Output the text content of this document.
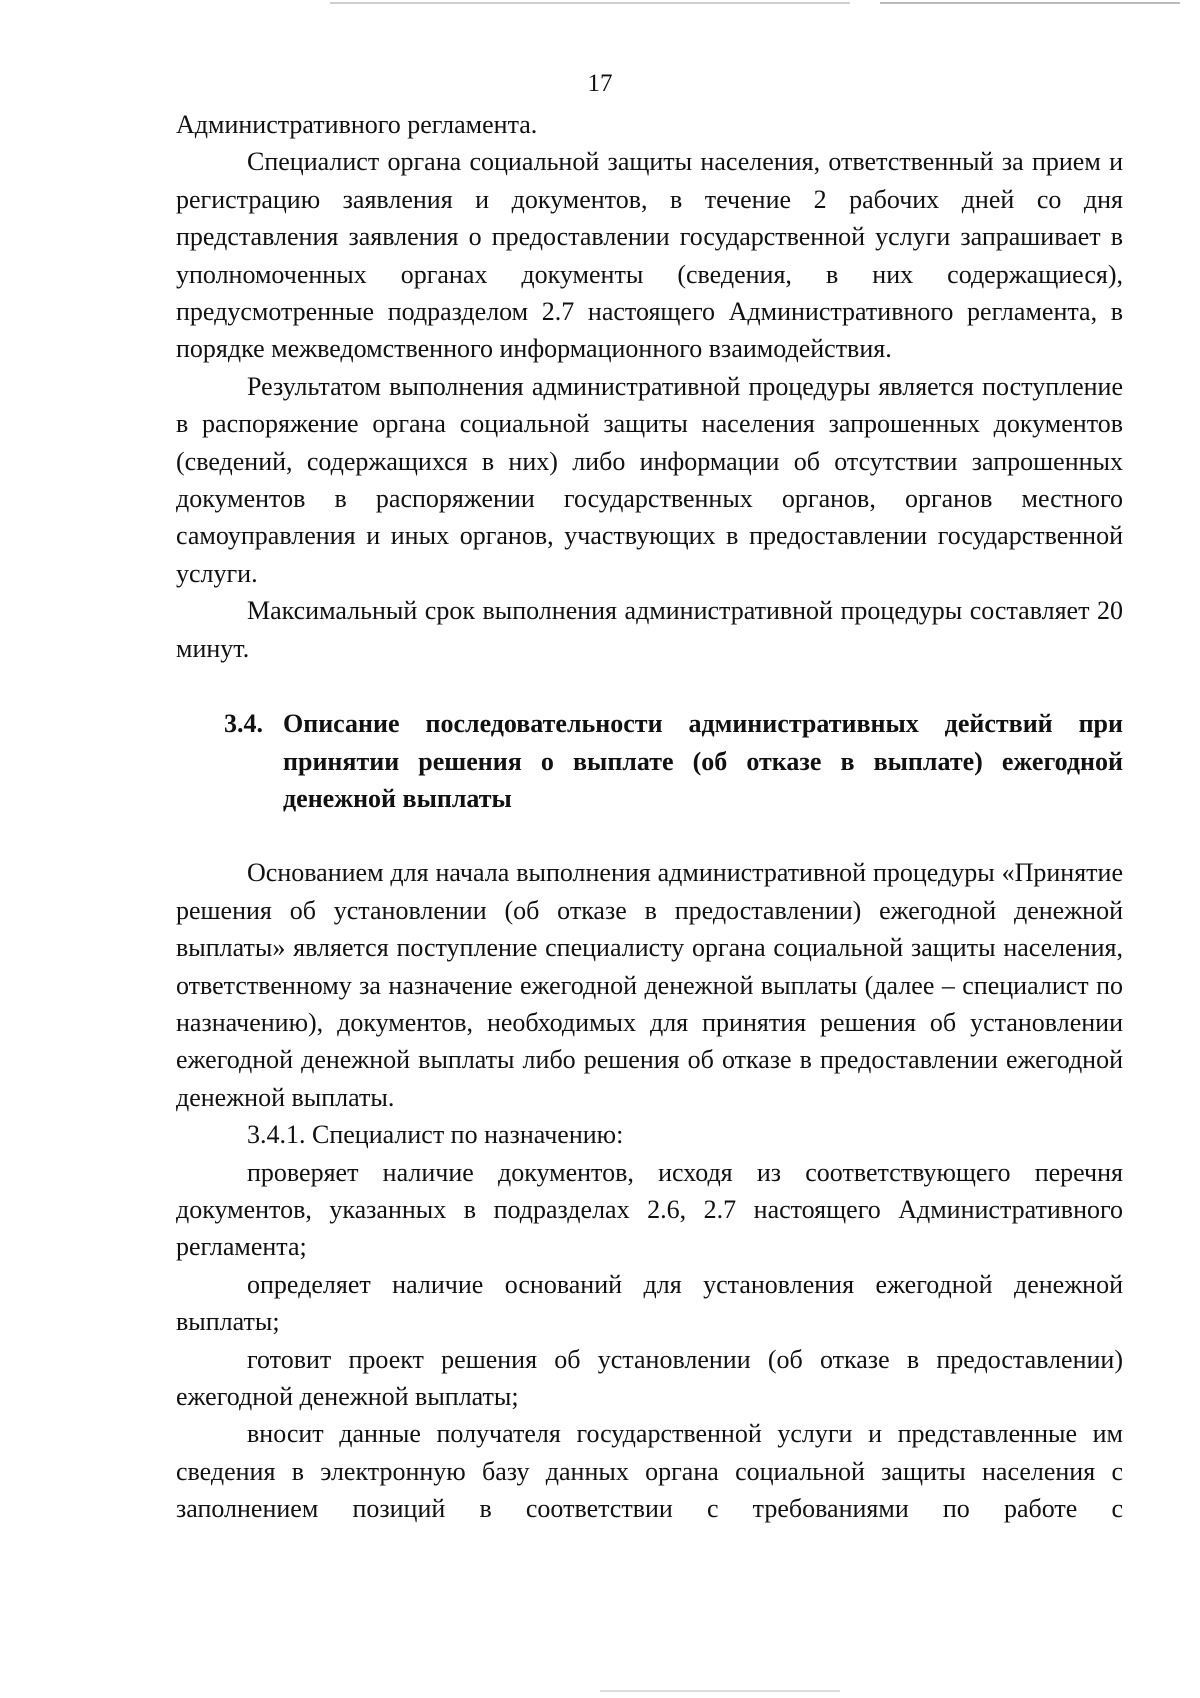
17

Административного регламента.

Специалист органа социальной защиты населения, ответственный за прием и регистрацию заявления и документов, в течение 2 рабочих дней со дня представления заявления о предоставлении государственной услуги запрашивает в уполномоченных органах документы (сведения, в них содержащиеся), предусмотренные подразделом 2.7 настоящего Административного регламента, в порядке межведомственного информационного взаимодействия.

Результатом выполнения административной процедуры является поступление в распоряжение органа социальной защиты населения запрошенных документов (сведений, содержащихся в них) либо информации об отсутствии запрошенных документов в распоряжении государственных органов, органов местного самоуправления и иных органов, участвующих в предоставлении государственной услуги.

Максимальный срок выполнения административной процедуры составляет 20 минут.

3.4. Описание последовательности административных действий при принятии решения о выплате (об отказе в выплате) ежегодной денежной выплаты

Основанием для начала выполнения административной процедуры «Принятие решения об установлении (об отказе в предоставлении) ежегодной денежной выплаты» является поступление специалисту органа социальной защиты населения, ответственному за назначение ежегодной денежной выплаты (далее – специалист по назначению), документов, необходимых для принятия решения об установлении ежегодной денежной выплаты либо решения об отказе в предоставлении ежегодной денежной выплаты.

3.4.1. Специалист по назначению:

проверяет наличие документов, исходя из соответствующего перечня документов, указанных в подразделах 2.6, 2.7 настоящего Административного регламента;

определяет наличие оснований для установления ежегодной денежной выплаты;

готовит проект решения об установлении (об отказе в предоставлении) ежегодной денежной выплаты;

вносит данные получателя государственной услуги и представленные им сведения в электронную базу данных органа социальной защиты населения с заполнением позиций в соответствии с требованиями по работе с
